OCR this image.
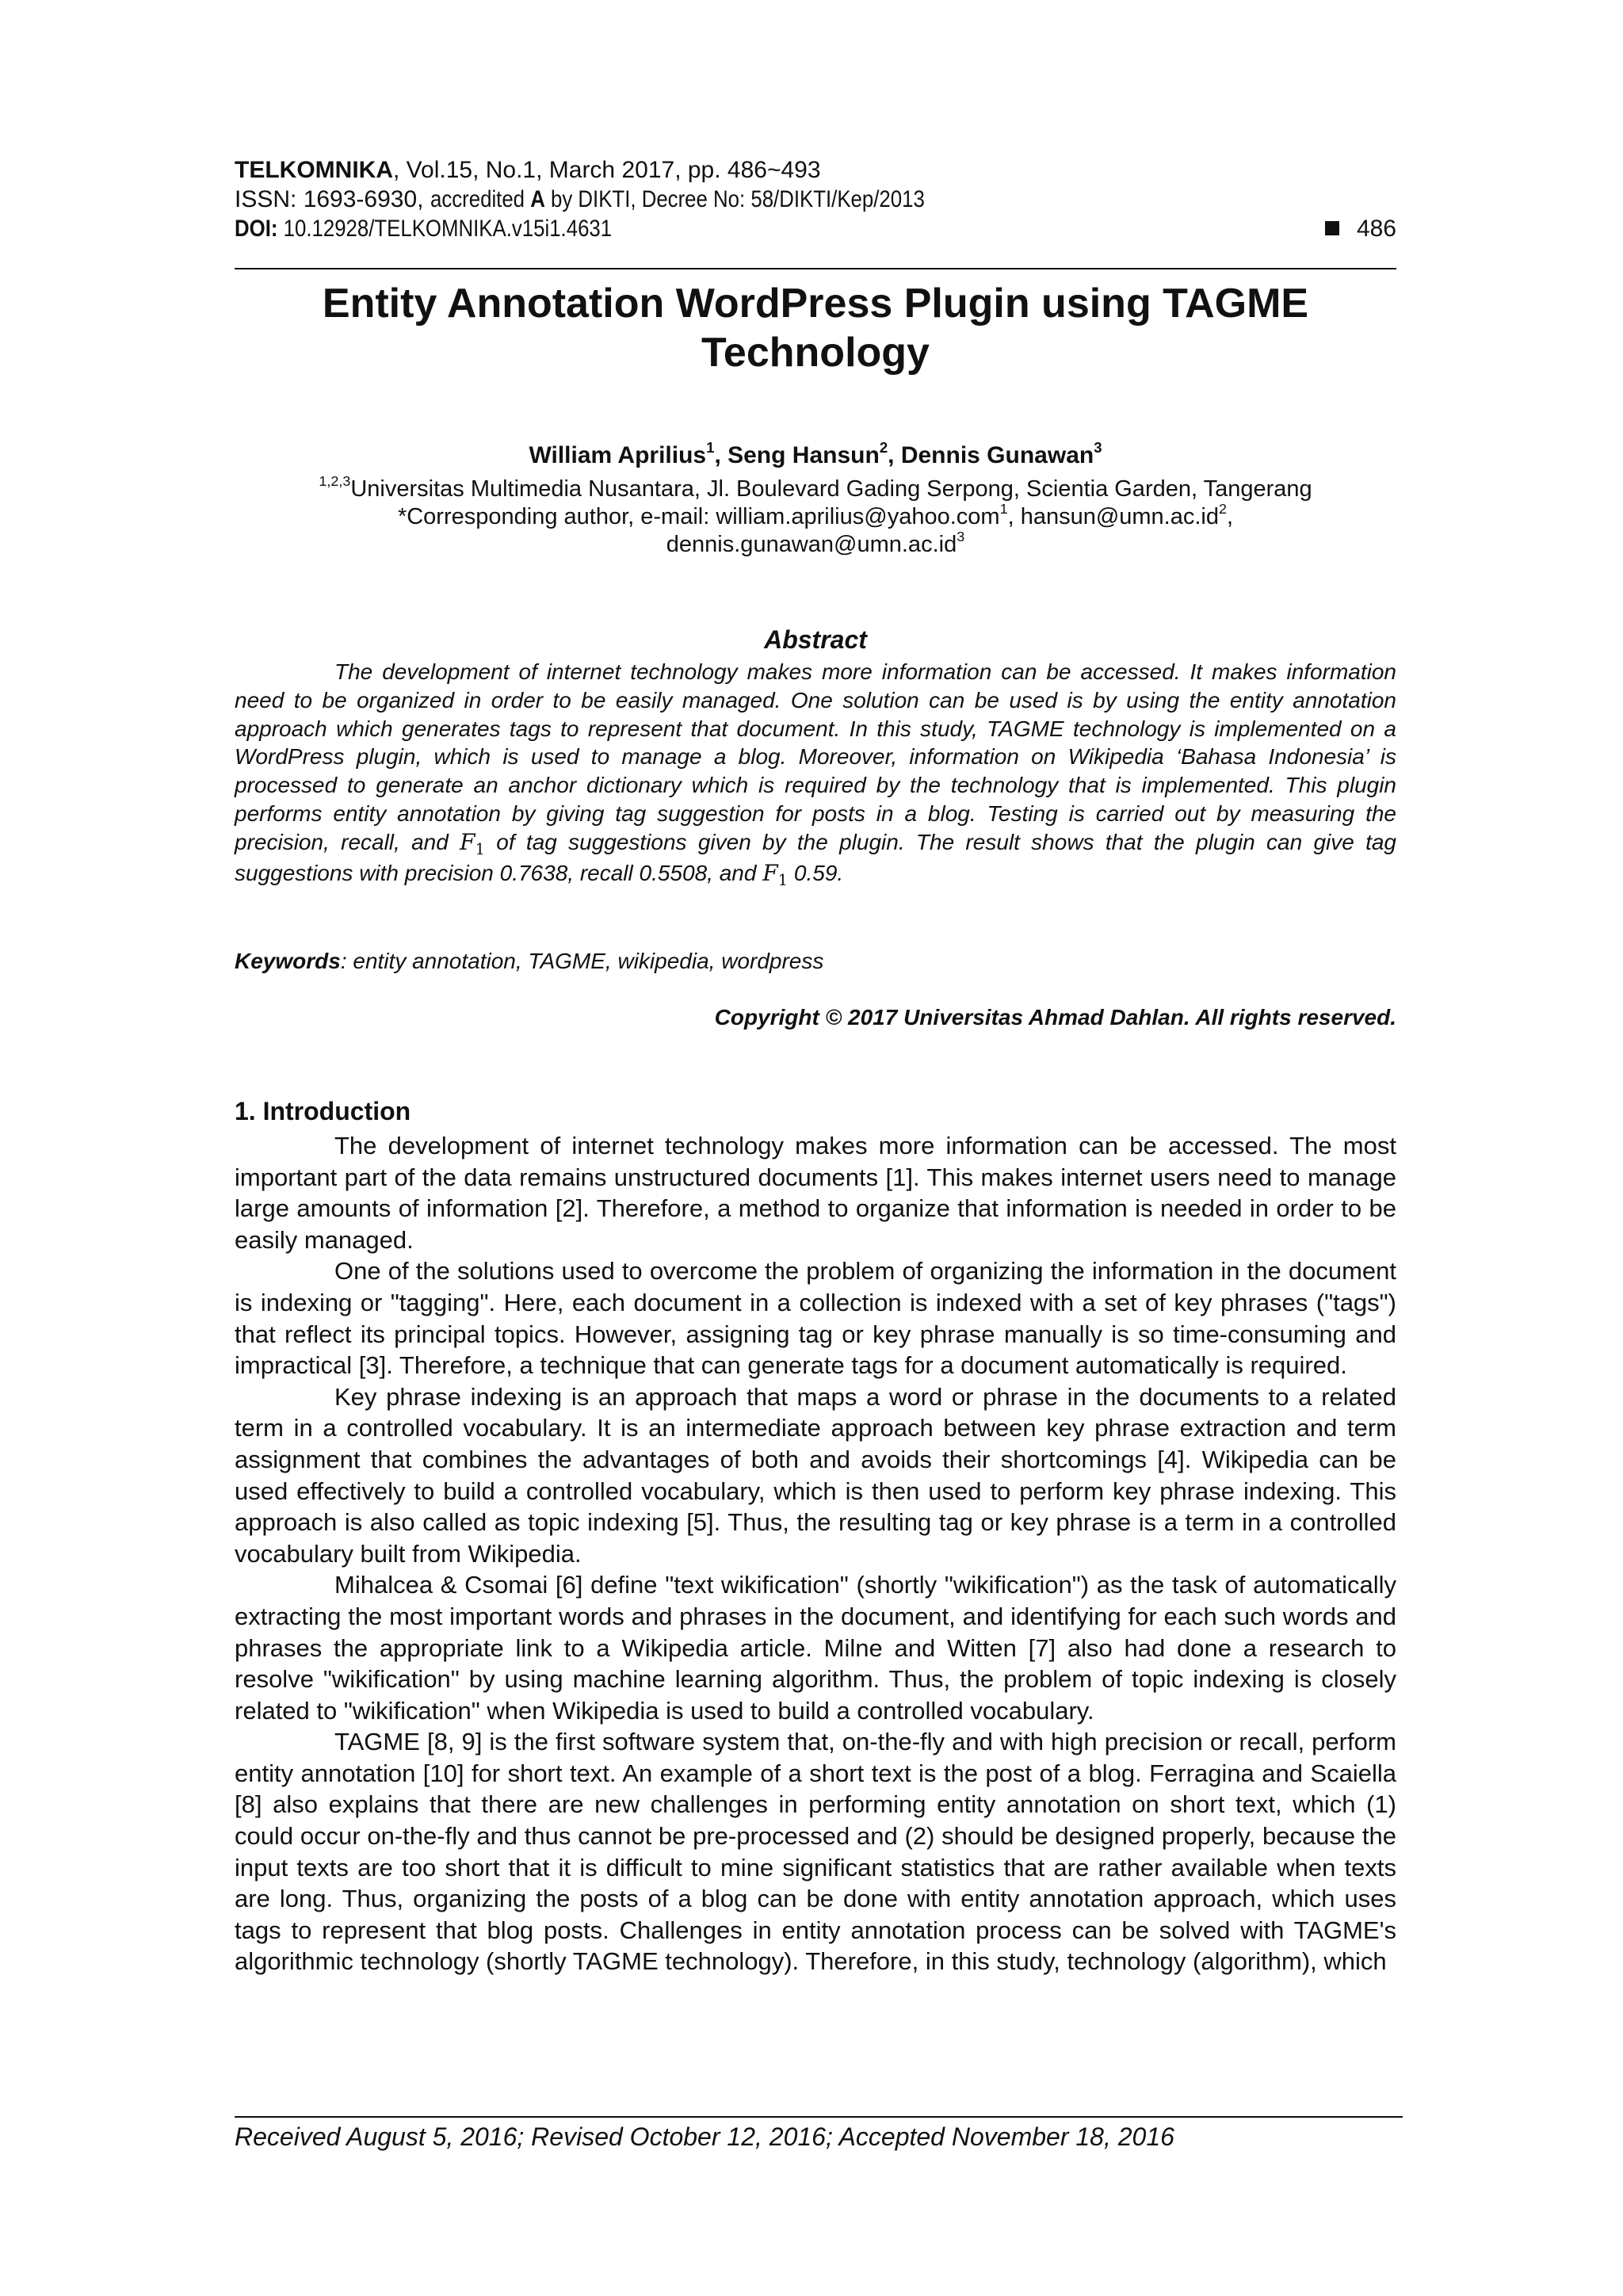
TELKOMNIKA, Vol.15, No.1, March 2017, pp. 486~493
ISSN: 1693-6930, accredited A by DIKTI, Decree No: 58/DIKTI/Kep/2013
DOI: 10.12928/TELKOMNIKA.v15i1.4631	486
Entity Annotation WordPress Plugin using TAGME
Technology
William Aprilius$^1$, Seng Hansun$^2$, Dennis Gunawan$^3$
$^{1,2,3}$Universitas Multimedia Nusantara, Jl. Boulevard Gading Serpong, Scientia Garden, Tangerang
*Corresponding author, e-mail: william.aprilius@yahoo.com$^1$, $hansun@umn.ac.id^2$,
$dennis.gunawan@umn.ac.id^3$
Abstract

The development of internet technology makes more information can be accessed. It makes information need to be organized in order to be easily managed. One solution can be used is by using the entity annotation approach which generates tags to represent that document. In this study, TAGME technology is implemented on a WordPress plugin, which is used to manage a blog. Moreover, information on Wikipedia ‘Bahasa Indonesia’ is processed to generate an anchor dictionary which is required by the technology that is implemented. This plugin performs entity annotation by giving tag suggestion for posts in a blog. Testing is carried out by measuring the precision, recall, and $F_1$ of tag suggestions given by the plugin. The result shows that the plugin can give tag suggestions with precision 0.7638, recall 0.5508, and $F_1$ 0.59.

Keywords: entity annotation, TAGME, wikipedia, wordpress
Copyright © 2017 Universitas Ahmad Dahlan. All rights reserved.
1. Introduction

The development of internet technology makes more information can be accessed. The most important part of the data remains unstructured documents [1]. This makes internet users need to manage large amounts of information [2]. Therefore, a method to organize that information is needed in order to be easily managed.

One of the solutions used to overcome the problem of organizing the information in the document is indexing or "tagging". Here, each document in a collection is indexed with a set of key phrases ("tags") that reflect its principal topics. However, assigning tag or key phrase manually is so time-consuming and impractical [3]. Therefore, a technique that can generate tags for a document automatically is required.

Key phrase indexing is an approach that maps a word or phrase in the documents to a related term in a controlled vocabulary. It is an intermediate approach between key phrase extraction and term assignment that combines the advantages of both and avoids their shortcomings [4]. Wikipedia can be used effectively to build a controlled vocabulary, which is then used to perform key phrase indexing. This approach is also called as topic indexing [5]. Thus, the resulting tag or key phrase is a term in a controlled vocabulary built from Wikipedia.

Mihalcea & Csomai [6] define "text wikification" (shortly "wikification") as the task of automatically extracting the most important words and phrases in the document, and identifying for each such words and phrases the appropriate link to a Wikipedia article. Milne and Witten [7] also had done a research to resolve "wikification" by using machine learning algorithm. Thus, the problem of topic indexing is closely related to "wikification" when Wikipedia is used to build a controlled vocabulary.

TAGME [8, 9] is the first software system that, on-the-fly and with high precision or recall, perform entity annotation [10] for short text. An example of a short text is the post of a blog. Ferragina and Scaiella [8] also explains that there are new challenges in performing entity annotation on short text, which (1) could occur on-the-fly and thus cannot be pre-processed and (2) should be designed properly, because the input texts are too short that it is difficult to mine significant statistics that are rather available when texts are long. Thus, organizing the posts of a blog can be done with entity annotation approach, which uses tags to represent that blog posts. Challenges in entity annotation process can be solved with TAGME's algorithmic technology (shortly TAGME technology). Therefore, in this study, technology (algorithm), which

Received August 5, 2016; Revised October 12, 2016; Accepted November 18, 2016
